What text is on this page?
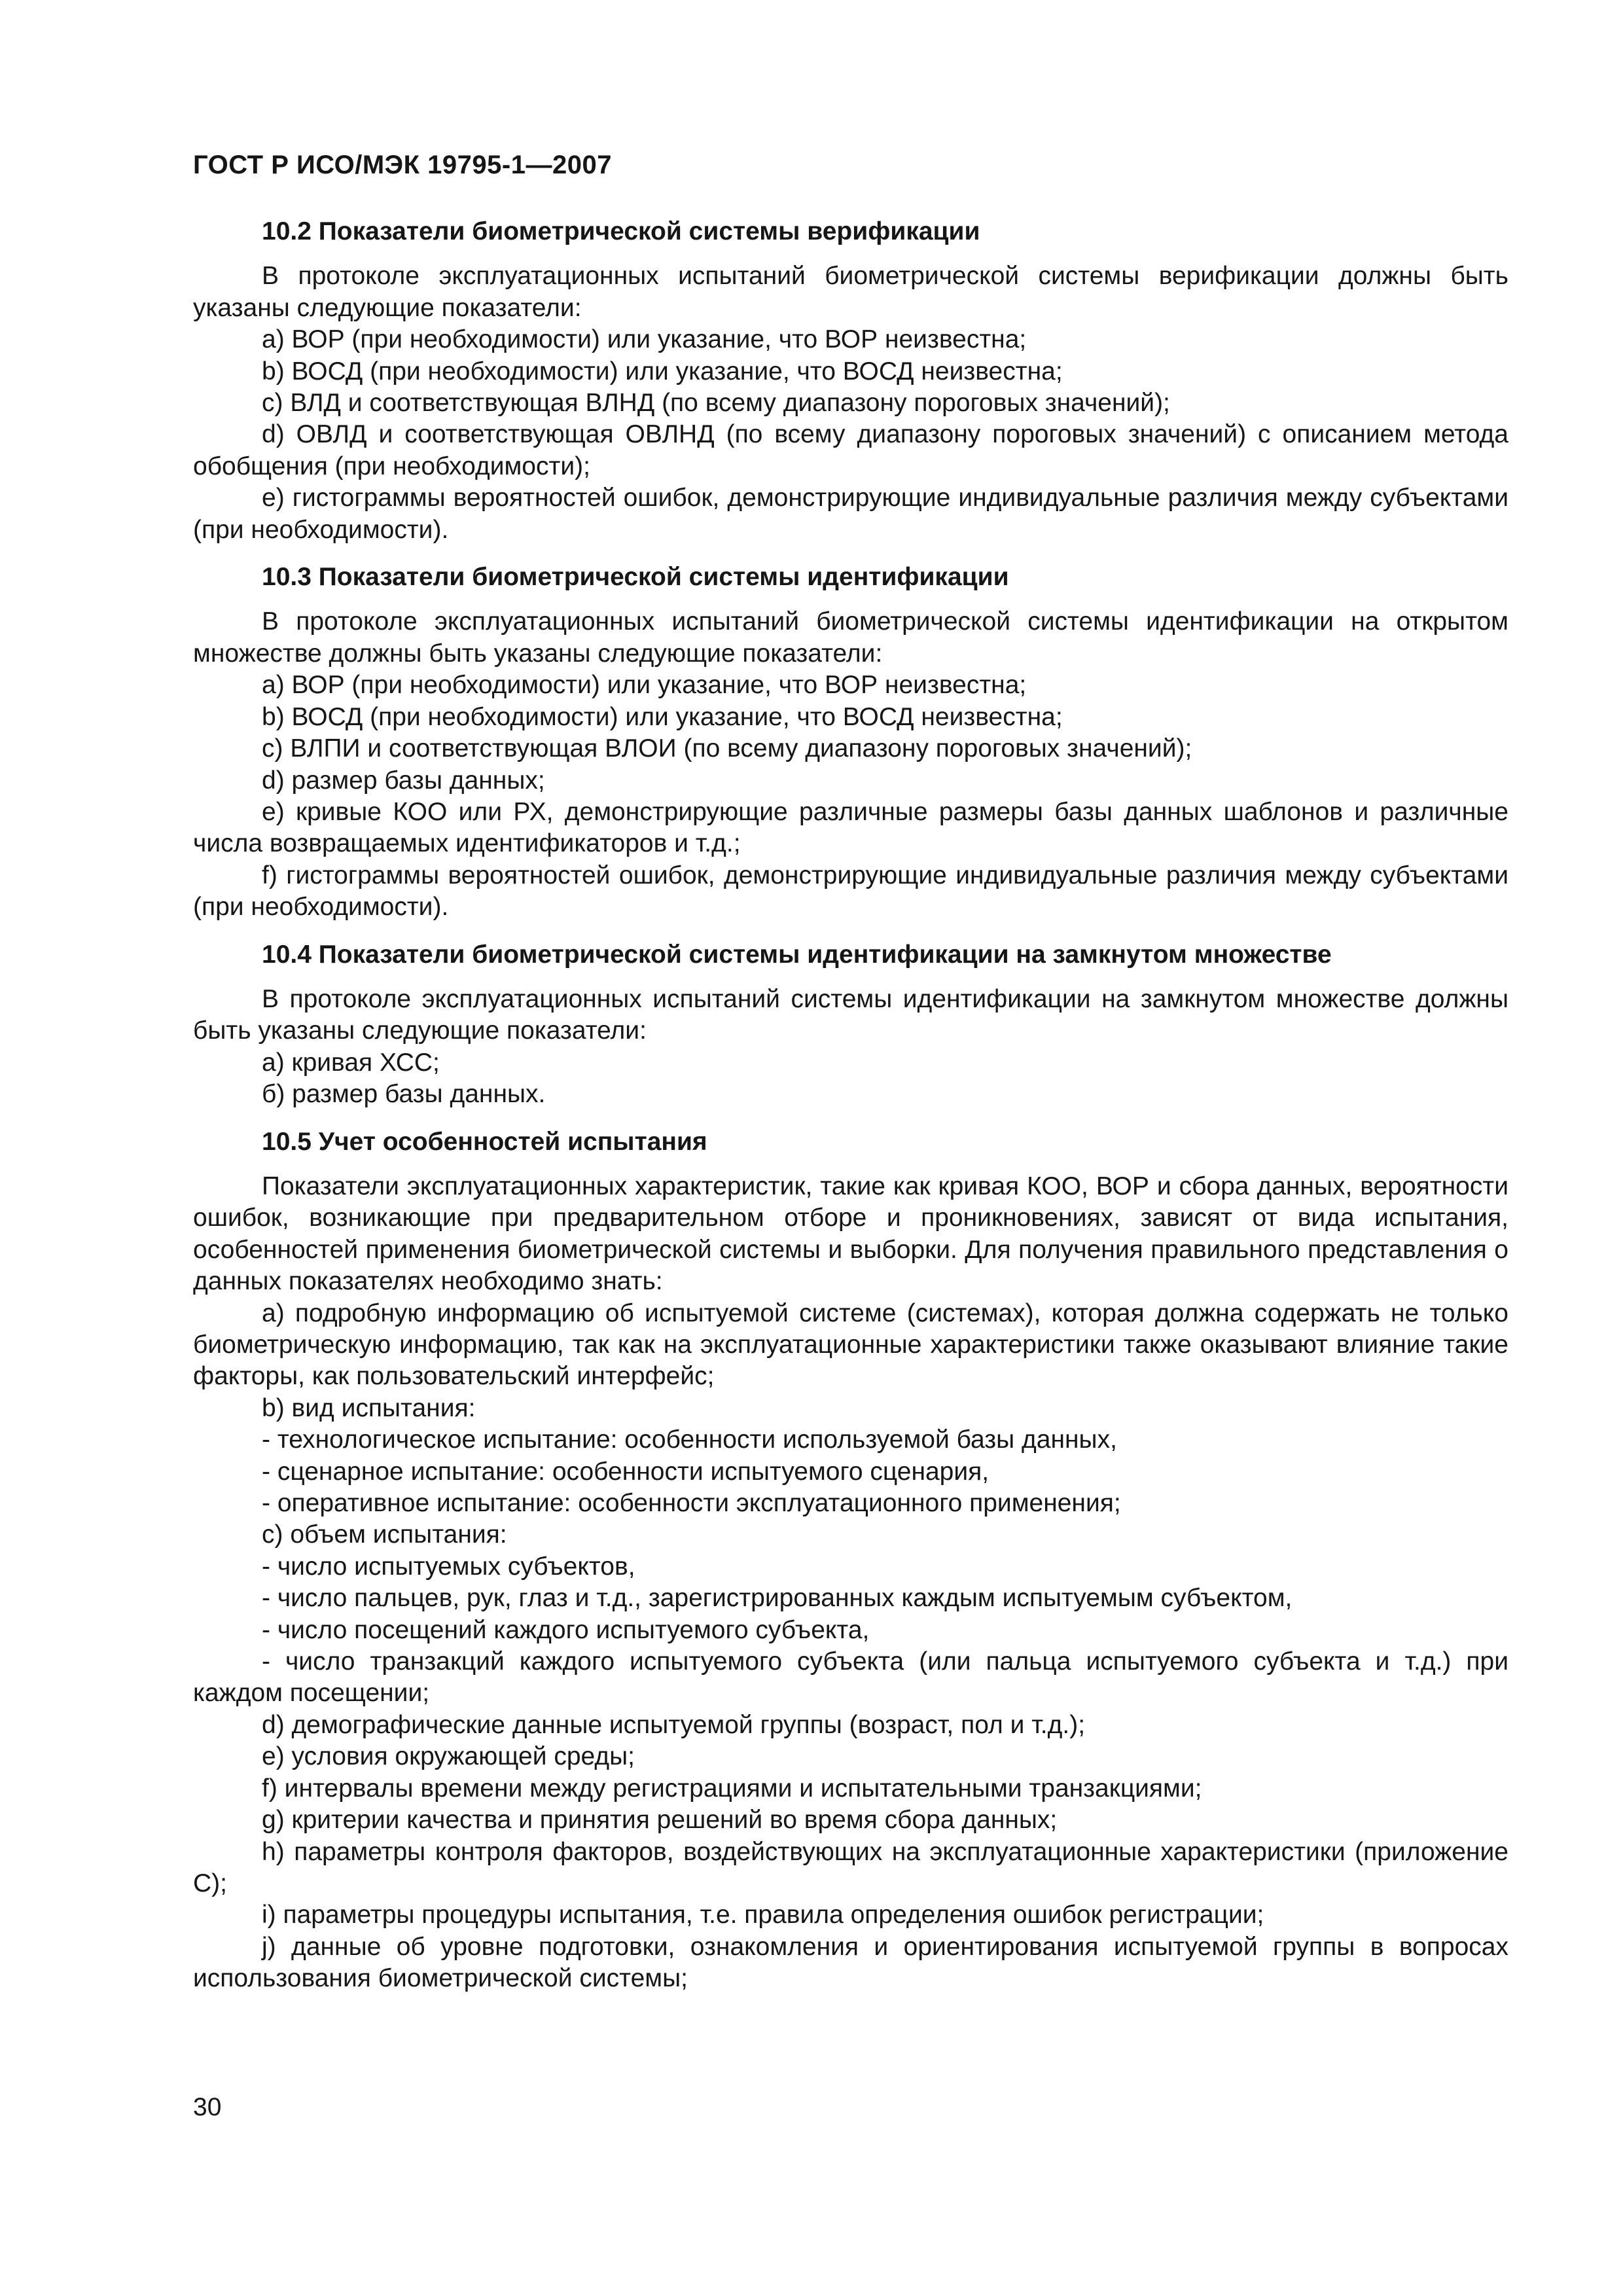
ГОСТ Р ИСО/МЭК 19795-1—2007

10.2 Показатели биометрической системы верификации

В протоколе эксплуатационных испытаний биометрической системы верификации должны быть указаны следующие показатели:

а) ВОР (при необходимости) или указание, что ВОР неизвестна;

b) ВОСД (при необходимости) или указание, что ВОСД неизвестна;

с) ВЛД и соответствующая ВЛНД (по всему диапазону пороговых значений);

d) ОВЛД и соответствующая ОВЛНД (по всему диапазону пороговых значений) с описанием метода обобщения (при необходимости);

е) гистограммы вероятностей ошибок, демонстрирующие индивидуальные различия между субъектами (при необходимости).

10.3 Показатели биометрической системы идентификации

В протоколе эксплуатационных испытаний биометрической системы идентификации на открытом множестве должны быть указаны следующие показатели:

а) ВОР (при необходимости) или указание, что ВОР неизвестна;

b) ВОСД (при необходимости) или указание, что ВОСД неизвестна;

с) ВЛПИ и соответствующая ВЛОИ (по всему диапазону пороговых значений);

d) размер базы данных;

е) кривые КОО или РХ, демонстрирующие различные размеры базы данных шаблонов и различные числа возвращаемых идентификаторов и т.д.;

f) гистограммы вероятностей ошибок, демонстрирующие индивидуальные различия между субъектами (при необходимости).

10.4 Показатели биометрической системы идентификации на замкнутом множестве

В протоколе эксплуатационных испытаний системы идентификации на замкнутом множестве должны быть указаны следующие показатели:

а) кривая ХСС;

б) размер базы данных.

10.5 Учет особенностей испытания

Показатели эксплуатационных характеристик, такие как кривая КОО, ВОР и сбора данных, вероятности ошибок, возникающие при предварительном отборе и проникновениях, зависят от вида испытания, особенностей применения биометрической системы и выборки. Для получения правильного представления о данных показателях необходимо знать:

а) подробную информацию об испытуемой системе (системах), которая должна содержать не только биометрическую информацию, так как на эксплуатационные характеристики также оказывают влияние такие факторы, как пользовательский интерфейс;

b) вид испытания:

- технологическое испытание: особенности используемой базы данных,

- сценарное испытание: особенности испытуемого сценария,

- оперативное испытание: особенности эксплуатационного применения;

с) объем испытания:

- число испытуемых субъектов,

- число пальцев, рук, глаз и т.д., зарегистрированных каждым испытуемым субъектом,

- число посещений каждого испытуемого субъекта,

- число транзакций каждого испытуемого субъекта (или пальца испытуемого субъекта и т.д.) при каждом посещении;

d) демографические данные испытуемой группы (возраст, пол и т.д.);

е) условия окружающей среды;

f) интервалы времени между регистрациями и испытательными транзакциями;

g) критерии качества и принятия решений во время сбора данных;

h) параметры контроля факторов, воздействующих на эксплуатационные характеристики (приложение С);

i) параметры процедуры испытания, т.е. правила определения ошибок регистрации;

j) данные об уровне подготовки, ознакомления и ориентирования испытуемой группы в вопросах использования биометрической системы;

30
